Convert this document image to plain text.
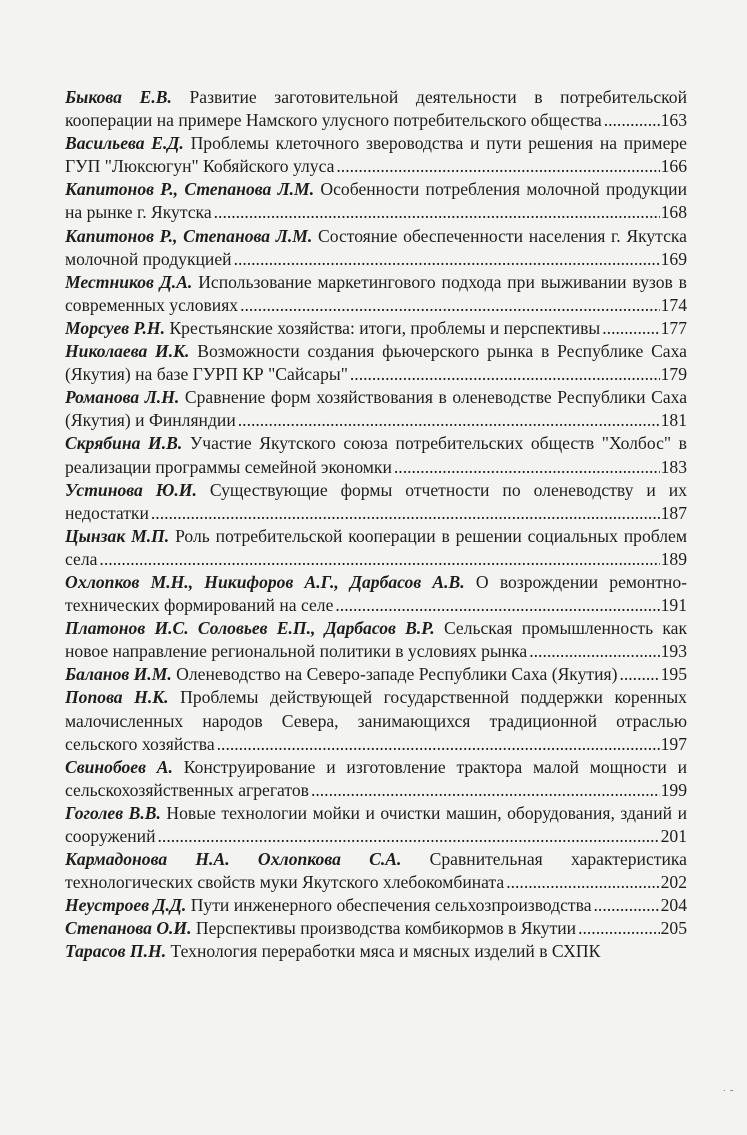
Быкова Е.В. Развитие заготовительной деятельности в потребительской кооперации на примере Намского улусного потребительского общества .....	163
Васильева Е.Д. Проблемы клеточного звероводства и пути решения на примере ГУП "Люксюгун" Кобяйского улуса .....	166
Капитонов Р., Степанова Л.М. Особенности потребления молочной продукции на рынке г. Якутска .....	168
Капитонов Р., Степанова Л.М. Состояние обеспеченности населения г. Якутска молочной продукцией .....	169
Местников Д.А. Использование маркетингового подхода при выживании вузов в современных условиях .....	174
Морсуев Р.Н. Крестьянские хозяйства: итоги, проблемы и перспективы .....	177
Николаева И.К. Возможности создания фьючерского рынка в Республике Саха (Якутия) на базе ГУРП КР "Сайсары" .....	179
Романова Л.Н. Сравнение форм хозяйствования в оленеводстве Республики Саха (Якутия) и Финляндии .....	181
Скрябина И.В. Участие Якутского союза потребительских обществ "Холбос" в реализации программы семейной экономки .....	183
Устинова Ю.И. Существующие формы отчетности по оленеводству и их недостатки .....	187
Цынзак М.П. Роль потребительской кооперации в решении социальных проблем села .....	189
Охлопков М.Н., Никифоров А.Г., Дарбасов А.В. О возрождении ремонтно-технических формирований на селе .....	191
Платонов И.С. Соловьев Е.П., Дарбасов В.Р. Сельская промышленность как новое направление региональной политики в условиях рынка .....	193
Баланов И.М. Оленеводство на Северо-западе Республики Саха (Якутия) ..... 195
Попова Н.К. Проблемы действующей государственной поддержки коренных малочисленных народов Севера, занимающихся традиционной отраслью сельского хозяйства .....	197
Свинобоев А. Конструирование и изготовление трактора малой мощности и сельскохозяйственных агрегатов .....	199
Гоголев В.В. Новые технологии мойки и очистки машин, оборудования, зданий и сооружений .....	201
Кармадонова Н.А. Охлопкова С.А. Сравнительная характеристика технологических свойств муки Якутского хлебокомбината .....	202
Неустроев Д.Д. Пути инженерного обеспечения сельхозпроизводства .....	204
Степанова О.И. Перспективы производства комбикормов в Якутии .....	205
Тарасов П.Н. Технология переработки мяса и мясных изделий в СХПК
˙ ˜
